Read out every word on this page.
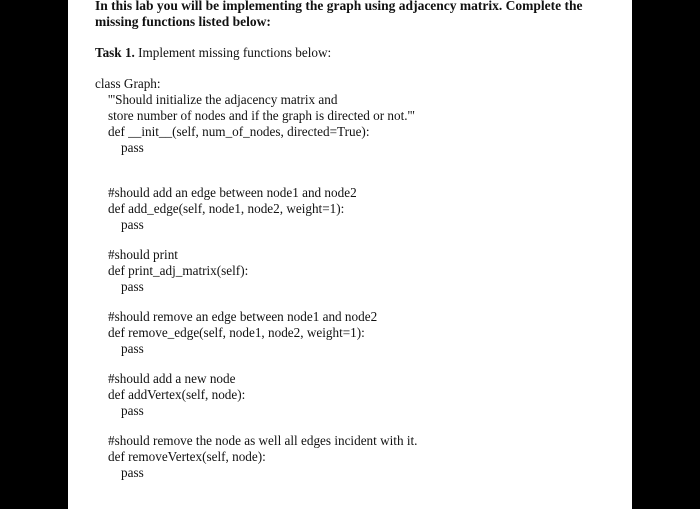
In this lab you will be implementing the graph using adjacency matrix. Complete the
missing functions listed below:
Task 1. Implement missing functions below:
class Graph:
'''Should initialize the adjacency matrix and
store number of nodes and if the graph is directed or not.'''
def __init__(self, num_of_nodes, directed=True):
pass
#should add an edge between node1 and node2
def add_edge(self, node1, node2, weight=1):
pass
#should print
def print_adj_matrix(self):
pass
#should remove an edge between node1 and node2
def remove_edge(self, node1, node2, weight=1):
pass
#should add a new node
def addVertex(self, node):
pass
#should remove the node as well all edges incident with it.
def removeVertex(self, node):
pass
